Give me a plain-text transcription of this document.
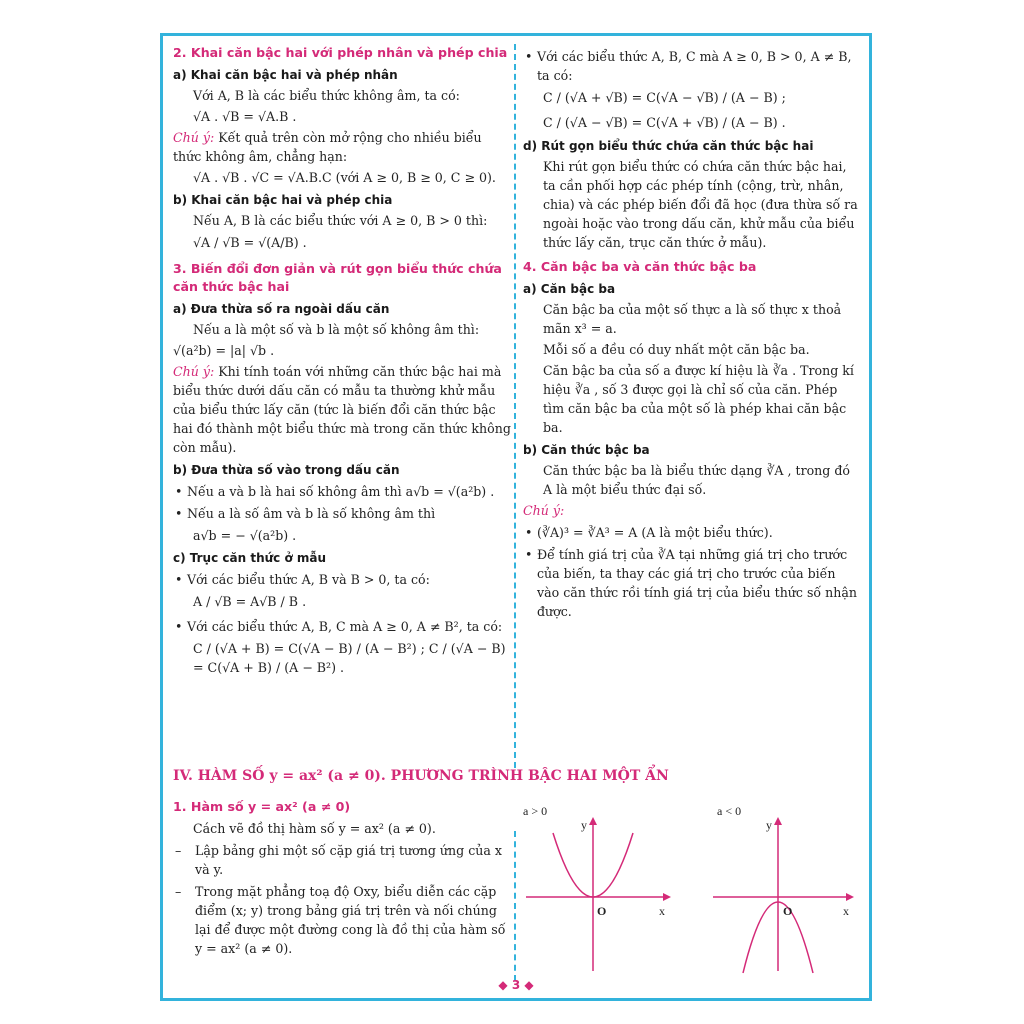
2. Khai căn bậc hai với phép nhân và phép chia
a) Khai căn bậc hai và phép nhân

Với A, B là các biểu thức không âm, ta có:

√A . √B = √A.B .

Chú ý: Kết quả trên còn mở rộng cho nhiều biểu thức không âm, chẳng hạn:

√A . √B . √C = √A.B.C (với A ≥ 0, B ≥ 0, C ≥ 0).

b) Khai căn bậc hai và phép chia

Nếu A, B là các biểu thức với A ≥ 0, B > 0 thì:

√A / √B = √(A/B) .

3. Biến đổi đơn giản và rút gọn biểu thức chứa căn thức bậc hai
a) Đưa thừa số ra ngoài dấu căn

Nếu a là một số và b là một số không âm thì:

√(a²b) = |a| √b .

Chú ý: Khi tính toán với những căn thức bậc hai mà biểu thức dưới dấu căn có mẫu ta thường khử mẫu của biểu thức lấy căn (tức là biến đổi căn thức bậc hai đó thành một biểu thức mà trong căn thức không còn mẫu).

b) Đưa thừa số vào trong dấu căn

• Nếu a và b là hai số không âm thì a√b = √(a²b) .

• Nếu a là số âm và b là số không âm thì

a√b = − √(a²b) .

c) Trục căn thức ở mẫu

• Với các biểu thức A, B và B > 0, ta có:

A / √B = A√B / B .

• Với các biểu thức A, B, C mà A ≥ 0, A ≠ B², ta có:

C / (√A + B) = C(√A − B) / (A − B²) ; C / (√A − B) = C(√A + B) / (A − B²) .

• Với các biểu thức A, B, C mà A ≥ 0, B > 0, A ≠ B, ta có:

C / (√A + √B) = C(√A − √B) / (A − B) ;

C / (√A − √B) = C(√A + √B) / (A − B) .

d) Rút gọn biểu thức chứa căn thức bậc hai

Khi rút gọn biểu thức có chứa căn thức bậc hai, ta cần phối hợp các phép tính (cộng, trừ, nhân, chia) và các phép biến đổi đã học (đưa thừa số ra ngoài hoặc vào trong dấu căn, khử mẫu của biểu thức lấy căn, trục căn thức ở mẫu).

4. Căn bậc ba và căn thức bậc ba
a) Căn bậc ba

Căn bậc ba của một số thực a là số thực x thoả mãn x³ = a.

Mỗi số a đều có duy nhất một căn bậc ba.

Căn bậc ba của số a được kí hiệu là ∛a . Trong kí hiệu ∛a , số 3 được gọi là chỉ số của căn. Phép tìm căn bậc ba của một số là phép khai căn bậc ba.

b) Căn thức bậc ba

Căn thức bậc ba là biểu thức dạng ∛A , trong đó A là một biểu thức đại số.

Chú ý:

• (∛A)³ = ∛A³ = A (A là một biểu thức).

• Để tính giá trị của ∛A tại những giá trị cho trước của biến, ta thay các giá trị cho trước của biến vào căn thức rồi tính giá trị của biểu thức số nhận được.

IV. HÀM SỐ y = ax² (a ≠ 0). PHƯƠNG TRÌNH BẬC HAI MỘT ẨN
1. Hàm số y = ax² (a ≠ 0)

Cách vẽ đồ thị hàm số y = ax² (a ≠ 0).

– Lập bảng ghi một số cặp giá trị tương ứng của x và y.

– Trong mặt phẳng toạ độ Oxy, biểu diễn các cặp điểm (x; y) trong bảng giá trị trên và nối chúng lại để được một đường cong là đồ thị của hàm số y = ax² (a ≠ 0).

a > 0
y
x
O
a < 0
y
x
O
◆ 3 ◆
